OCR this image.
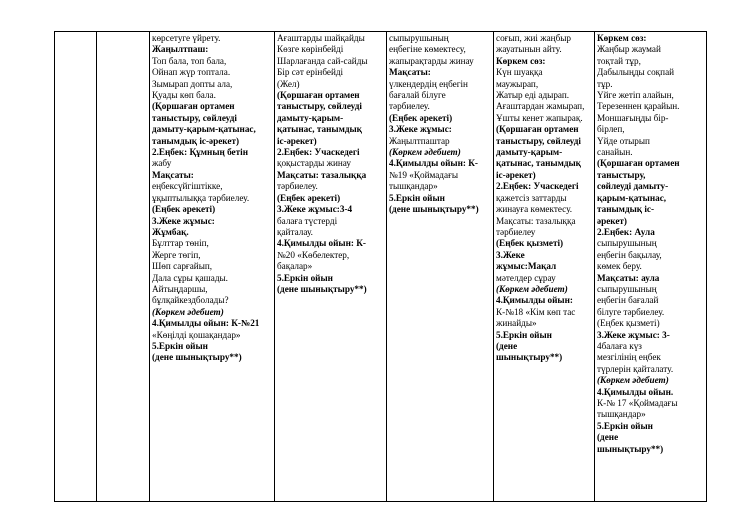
көрсетуге үйрету.
Жаңылтпаш:
Топ бала, топ бала,
Ойнап жүр топтала.
Зымырап допты ала,
Қуады көп бала.
(Қоршаған ортамен
таныстыру, сөйлеуді
дамыту-қарым-қатынас,
танымдық іс-әрекет)
2.Еңбек: Құмның бетін
жабу
Мақсаты:
еңбексүйгіштікке,
ұқыптылыққа тәрбиелеу.
(Еңбек әрекеті)
3.Жеке жұмыс:
Жұмбақ.
Бұлттар төніп,
Жерге төгіп,
Шөп сарғайып,
Дала сұры қашады.
Айтыңдаршы,
бұлқайкездболады?
(Көркем әдебиет)
4.Қимылды ойын: К-№21
«Көңілді қошақандар»
5.Еркін ойын
(дене шынықтыру**)

Ағаштарды шайқайды
Көзге көрінбейді
Шарлағанда сай-сайды
Бір сәт ерінбейді
(Жел)
(Қоршаған ортамен
таныстыру, сөйлеуді
дамыту-қарым-
қатынас, танымдық
іс-әрекет)
2.Еңбек: Учаскедегі
қоқыстарды жинау
Мақсаты: тазалыққа
тәрбиелеу.
(Еңбек әрекеті)
3.Жеке жұмыс:3-4
балаға түстерді
қайталау.
4.Қимылды ойын: К-
№20 «Көбелектер,
бақалар»
5.Еркін ойын
(дене шынықтыру**)

сыпырушының
еңбегіне көмектесу,
жапырақтарды жинау
Мақсаты:
үлкендердің еңбегін
бағалай білуге
тәрбиелеу.
(Еңбек әрекеті)
3.Жеке жұмыс:
Жаңылтпаштар
(Көркем әдебиет)
4.Қимылды ойын: К-
№19 «Қоймадағы
тышқандар»
5.Еркін ойын
(дене шынықтыру**)

соғып, жиі жаңбыр
жауатынын айту.
Көркем сөз:
Күн шуаққа
маужырап,
Жатыр еді адырап.
Ағаштардан жамырап,
Ұшты кенет жапырақ.
(Қоршаған ортамен
таныстыру, сөйлеуді
дамыту-қарым-
қатынас, танымдық
іс-әрекет)
2.Еңбек: Учаскедегі
қажетсіз заттарды
жинауға көмектесу.
Мақсаты: тазалыққа
тәрбиелеу
(Еңбек қызметі)
3.Жеке
жұмыс:Мақал
мәтелдер сұрау
(Көркем әдебиет)
4.Қимылды ойын:
К-№18 «Кім көп тас
жинайды»
5.Еркін ойын
(дене
шынықтыру**)

Көркем сөз:
Жаңбыр жаумай
тоқтай тұр,
Дабылыңды соқпай
тұр.
Үйге жетіп алайын,
Терезеннен қарайын.
Моншағыңды бір-
бірлеп,
Үйде отырып
санайын.
(Қоршаған ортамен
таныстыру,
сөйлеуді дамыту-
қарым-қатынас,
танымдық іс-
әрекет)
2.Еңбек: Аула
сыпырушының
еңбегін бақылау,
көмек беру.
Мақсаты: аула
сыпырушының
еңбегін бағалай
білуге тәрбиелеу.
(Еңбек қызметі)
3.Жеке жұмыс: 3-
4балаға күз
мезгілінің еңбек
түрлерін қайталату.
(Көркем әдебиет)
4.Қимылды ойын.
К-№ 17 «Қоймадағы
тышқандар»
5.Еркін ойын
(дене
шынықтыру**)
